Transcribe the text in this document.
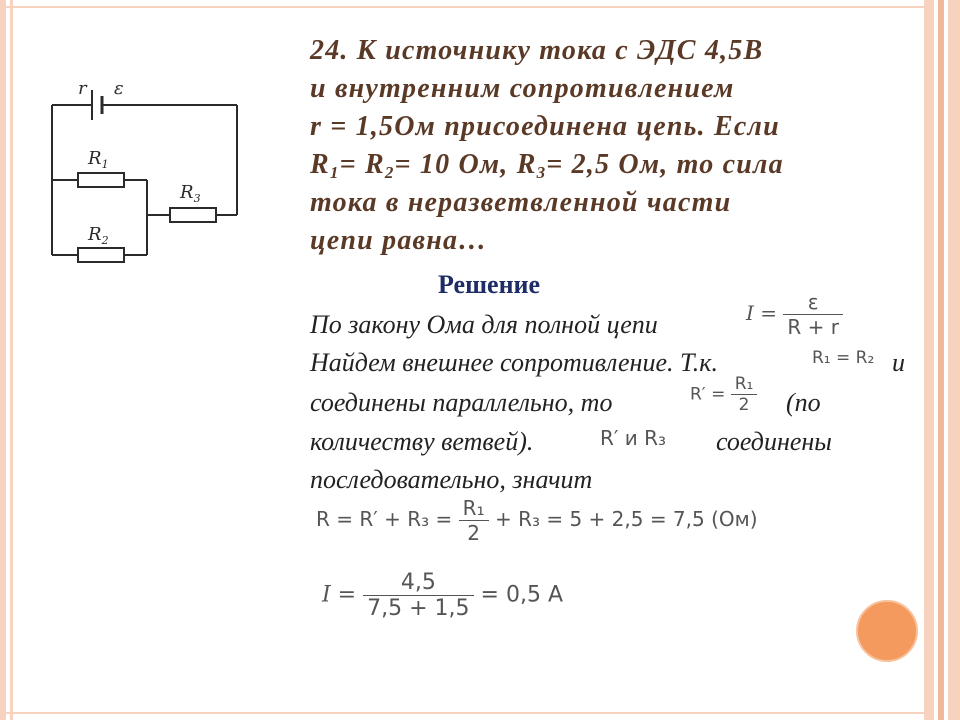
r ε
$R_1$
$R_2$
$R_3$
24. К источнику тока с ЭДС 4,5В
и внутренним сопротивлением
r = 1,5Ом присоединена цепь. Если
$R_1= R_2= 10$ Ом, $R_3= 2,5$ Ом, то сила
тока в неразветвленной части
цепи равна…
Решение
По закону Ома для полной цепи
Найдем внешнее сопротивление. Т.к.	и
соединены параллельно, то	(по
количеству ветвей).	соединены
последовательно, значит
$I = \frac{\varepsilon}{R + r}$
R₁ = R₂
$R' = \frac{\text{R₁}}{2}$
R′ и R₃
$R = R' + R_3 = \frac{\text{R₁}}{2} + R_3 = 5 + 2,5 = 7,5$ (Ом)
$I = \frac{4,5}{7,5 + 1,5} = 0,5$ А
